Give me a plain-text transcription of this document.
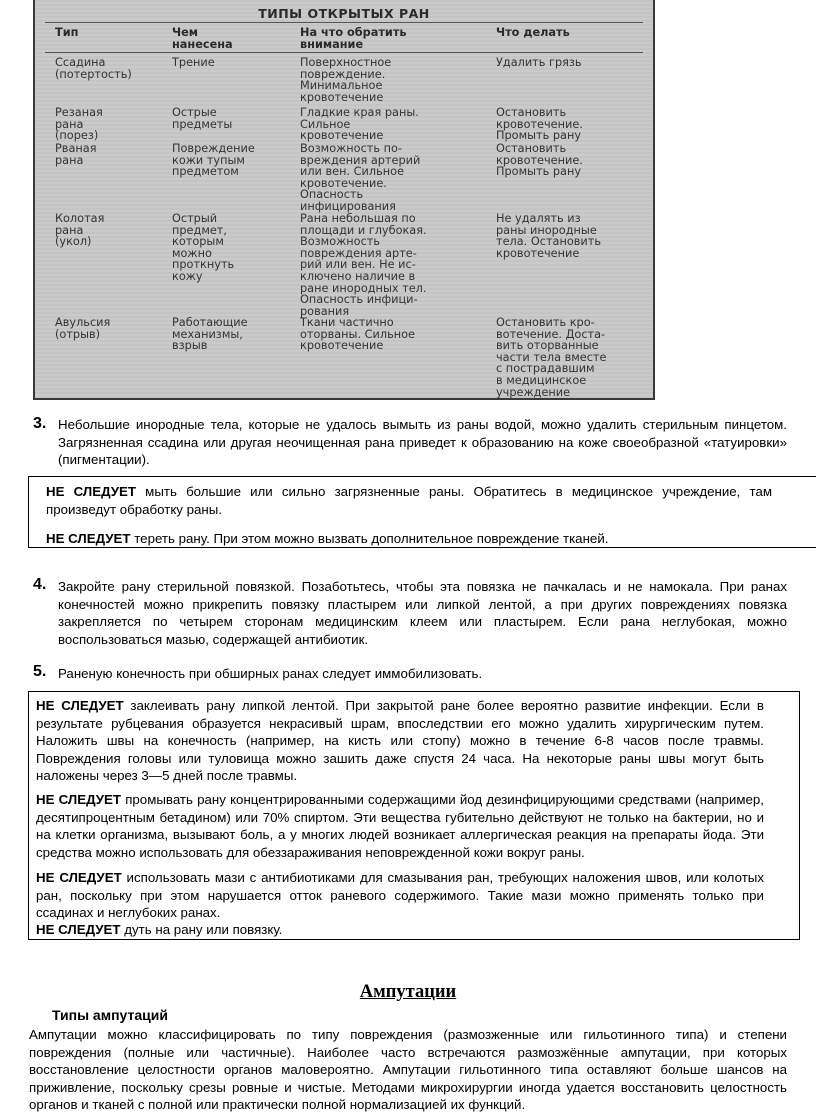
ТИПЫ ОТКРЫТЫХ РАН
Тип	Чем
нанесена
На что обратить
внимание
Что делать
Ссадина
(потертость)
Трение	Поверхностное
повреждение.
Минимальное
кровотечение
Удалить грязь
Резаная
рана
(порез)
Острые
предметы
Гладкие края раны.
Сильное
кровотечение
Остановить
кровотечение.
Промыть рану
Рваная
рана
Повреждение
кожи тупым
предметом
Возможность по-
вреждения артерий
или вен. Сильное
кровотечение.
Опасность
инфицирования
Остановить
кровотечение.
Промыть рану
Колотая
рана
(укол)
Острый
предмет,
которым
можно
проткнуть
кожу
Рана небольшая по
площади и глубокая.
Возможность
повреждения арте-
рий или вен. Не ис-
ключено наличие в
ране инородных тел.
Опасность инфици-
рования
Не удалять из
раны инородные
тела. Остановить
кровотечение
Авульсия
(отрыв)
Работающие
механизмы,
взрыв
Ткани частично
оторваны. Сильное
кровотечение
Остановить кро-
вотечение. Доста-
вить оторванные
части тела вместе
с пострадавшим
в медицинское
учреждение
3. Небольшие инородные тела, которые не удалось вымыть из раны водой, можно удалить стерильным пинцетом. Загрязненная ссадина или другая неочищенная рана приведет к образованию на коже своеобразной «татуировки» (пигментации).
НЕ СЛЕДУЕТ мыть большие или сильно загрязненные раны. Обратитесь в медицинское учреждение, там произведут обработку раны.
НЕ СЛЕДУЕТ тереть рану. При этом можно вызвать дополнительное повреждение тканей.
4. Закройте рану стерильной повязкой. Позаботьтесь, чтобы эта повязка не пачкалась и не намокала. При ранах конечностей можно прикрепить повязку пластырем или липкой лентой, а при других повреждениях повязка закрепляется по четырем сторонам медицинским клеем или пластырем. Если рана неглубокая, можно воспользоваться мазью, содержащей антибиотик.
5. Раненую конечность при обширных ранах следует иммобилизовать.
НЕ СЛЕДУЕТ заклеивать рану липкой лентой. При закрытой ране более вероятно развитие инфекции. Если в результате рубцевания образуется некрасивый шрам, впоследствии его можно удалить хирургическим путем. Наложить швы на конечность (например, на кисть или стопу) можно в течение 6-8 часов после травмы. Повреждения головы или туловища можно зашить даже спустя 24 часа. На некоторые раны швы могут быть наложены через 3—5 дней после травмы.
НЕ СЛЕДУЕТ промывать рану концентрированными содержащими йод дезинфицирующими средствами (например, десятипроцентным бетадином) или 70% спиртом. Эти вещества губительно действуют не только на бактерии, но и на клетки организма, вызывают боль, а у многих людей возникает аллергическая реакция на препараты йода. Эти средства можно использовать для обеззараживания неповрежденной кожи вокруг раны.
НЕ СЛЕДУЕТ использовать мази с антибиотиками для смазывания ран, требующих наложения швов, или колотых ран, поскольку при этом нарушается отток раневого содержимого. Такие мази можно применять только при ссадинах и неглубоких ранах.
НЕ СЛЕДУЕТ дуть на рану или повязку.
Ампутации
Типы ампутаций
Ампутации можно классифицировать по типу повреждения (размозженные или гильотинного типа) и степени повреждения (полные или частичные). Наиболее часто встречаются размозжённые ампутации, при которых восстановление целостности органов маловероятно. Ампутации гильотинного типа оставляют больше шансов на приживление, поскольку срезы ровные и чистые. Методами микрохирургии иногда удается восстановить целостность органов и тканей с полной или практически полной нормализацией их функций.
